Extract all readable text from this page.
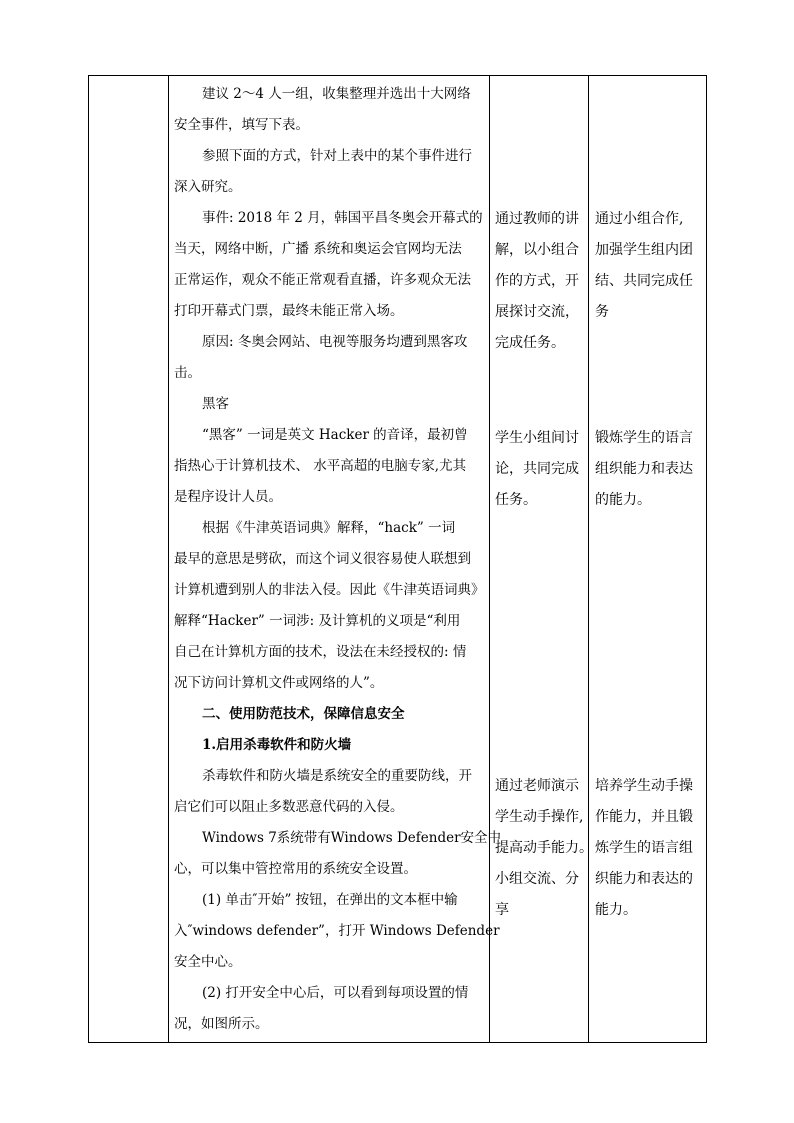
建议 2～4 人一组，收集整理并选出十大网络
安全事件，填写下表。
参照下面的方式，针对上表中的某个事件进行
深入研究。
事件: 2018 年 2 月，韩国平昌冬奥会开幕式的
当天，网络中断，广播 系统和奥运会官网均无法
正常运作，观众不能正常观看直播，许多观众无法
打印开幕式门票，最终未能正常入场。
原因: 冬奥会网站、电视等服务均遭到黑客攻
击。
黑客
“黑客” 一词是英文 Hacker 的音译，最初曾
指热心于计算机技术、 水平高超的电脑专家,尤其
是程序设计人员。
根据《牛津英语词典》解释，“hack” 一词
最早的意思是劈砍，而这个词义很容易使人联想到
计算机遭到别人的非法入侵。因此《牛津英语词典》
解释“Hacker” 一词涉: 及计算机的义项是“利用
自己在计算机方面的技术，设法在未经授权的: 情
况下访问计算机文件或网络的人”。
二、使用防范技术，保障信息安全
1.启用杀毒软件和防火墙
杀毒软件和防火墙是系统安全的重要防线，开
启它们可以阻止多数恶意代码的入侵。
Windows 7系统带有Windows Defender安全中
心，可以集中管控常用的系统安全设置。
(1) 单击″开始” 按钮，在弹出的文本框中输
入″windows defender”，打开 Windows Defender
安全中心。
(2) 打开安全中心后，可以看到每项设置的情
况，如图所示。
通过教师的讲
解，以小组合
作的方式，开
展探讨交流，
完成任务。
学生小组间讨
论，共同完成
任务。
通过老师演示
学生动手操作,
提高动手能力。
小组交流、分
享
通过小组合作,
加强学生组内团
结、共同完成任
务
锻炼学生的语言
组织能力和表达
的能力。
培养学生动手操
作能力，并且锻
炼学生的语言组
织能力和表达的
能力。
